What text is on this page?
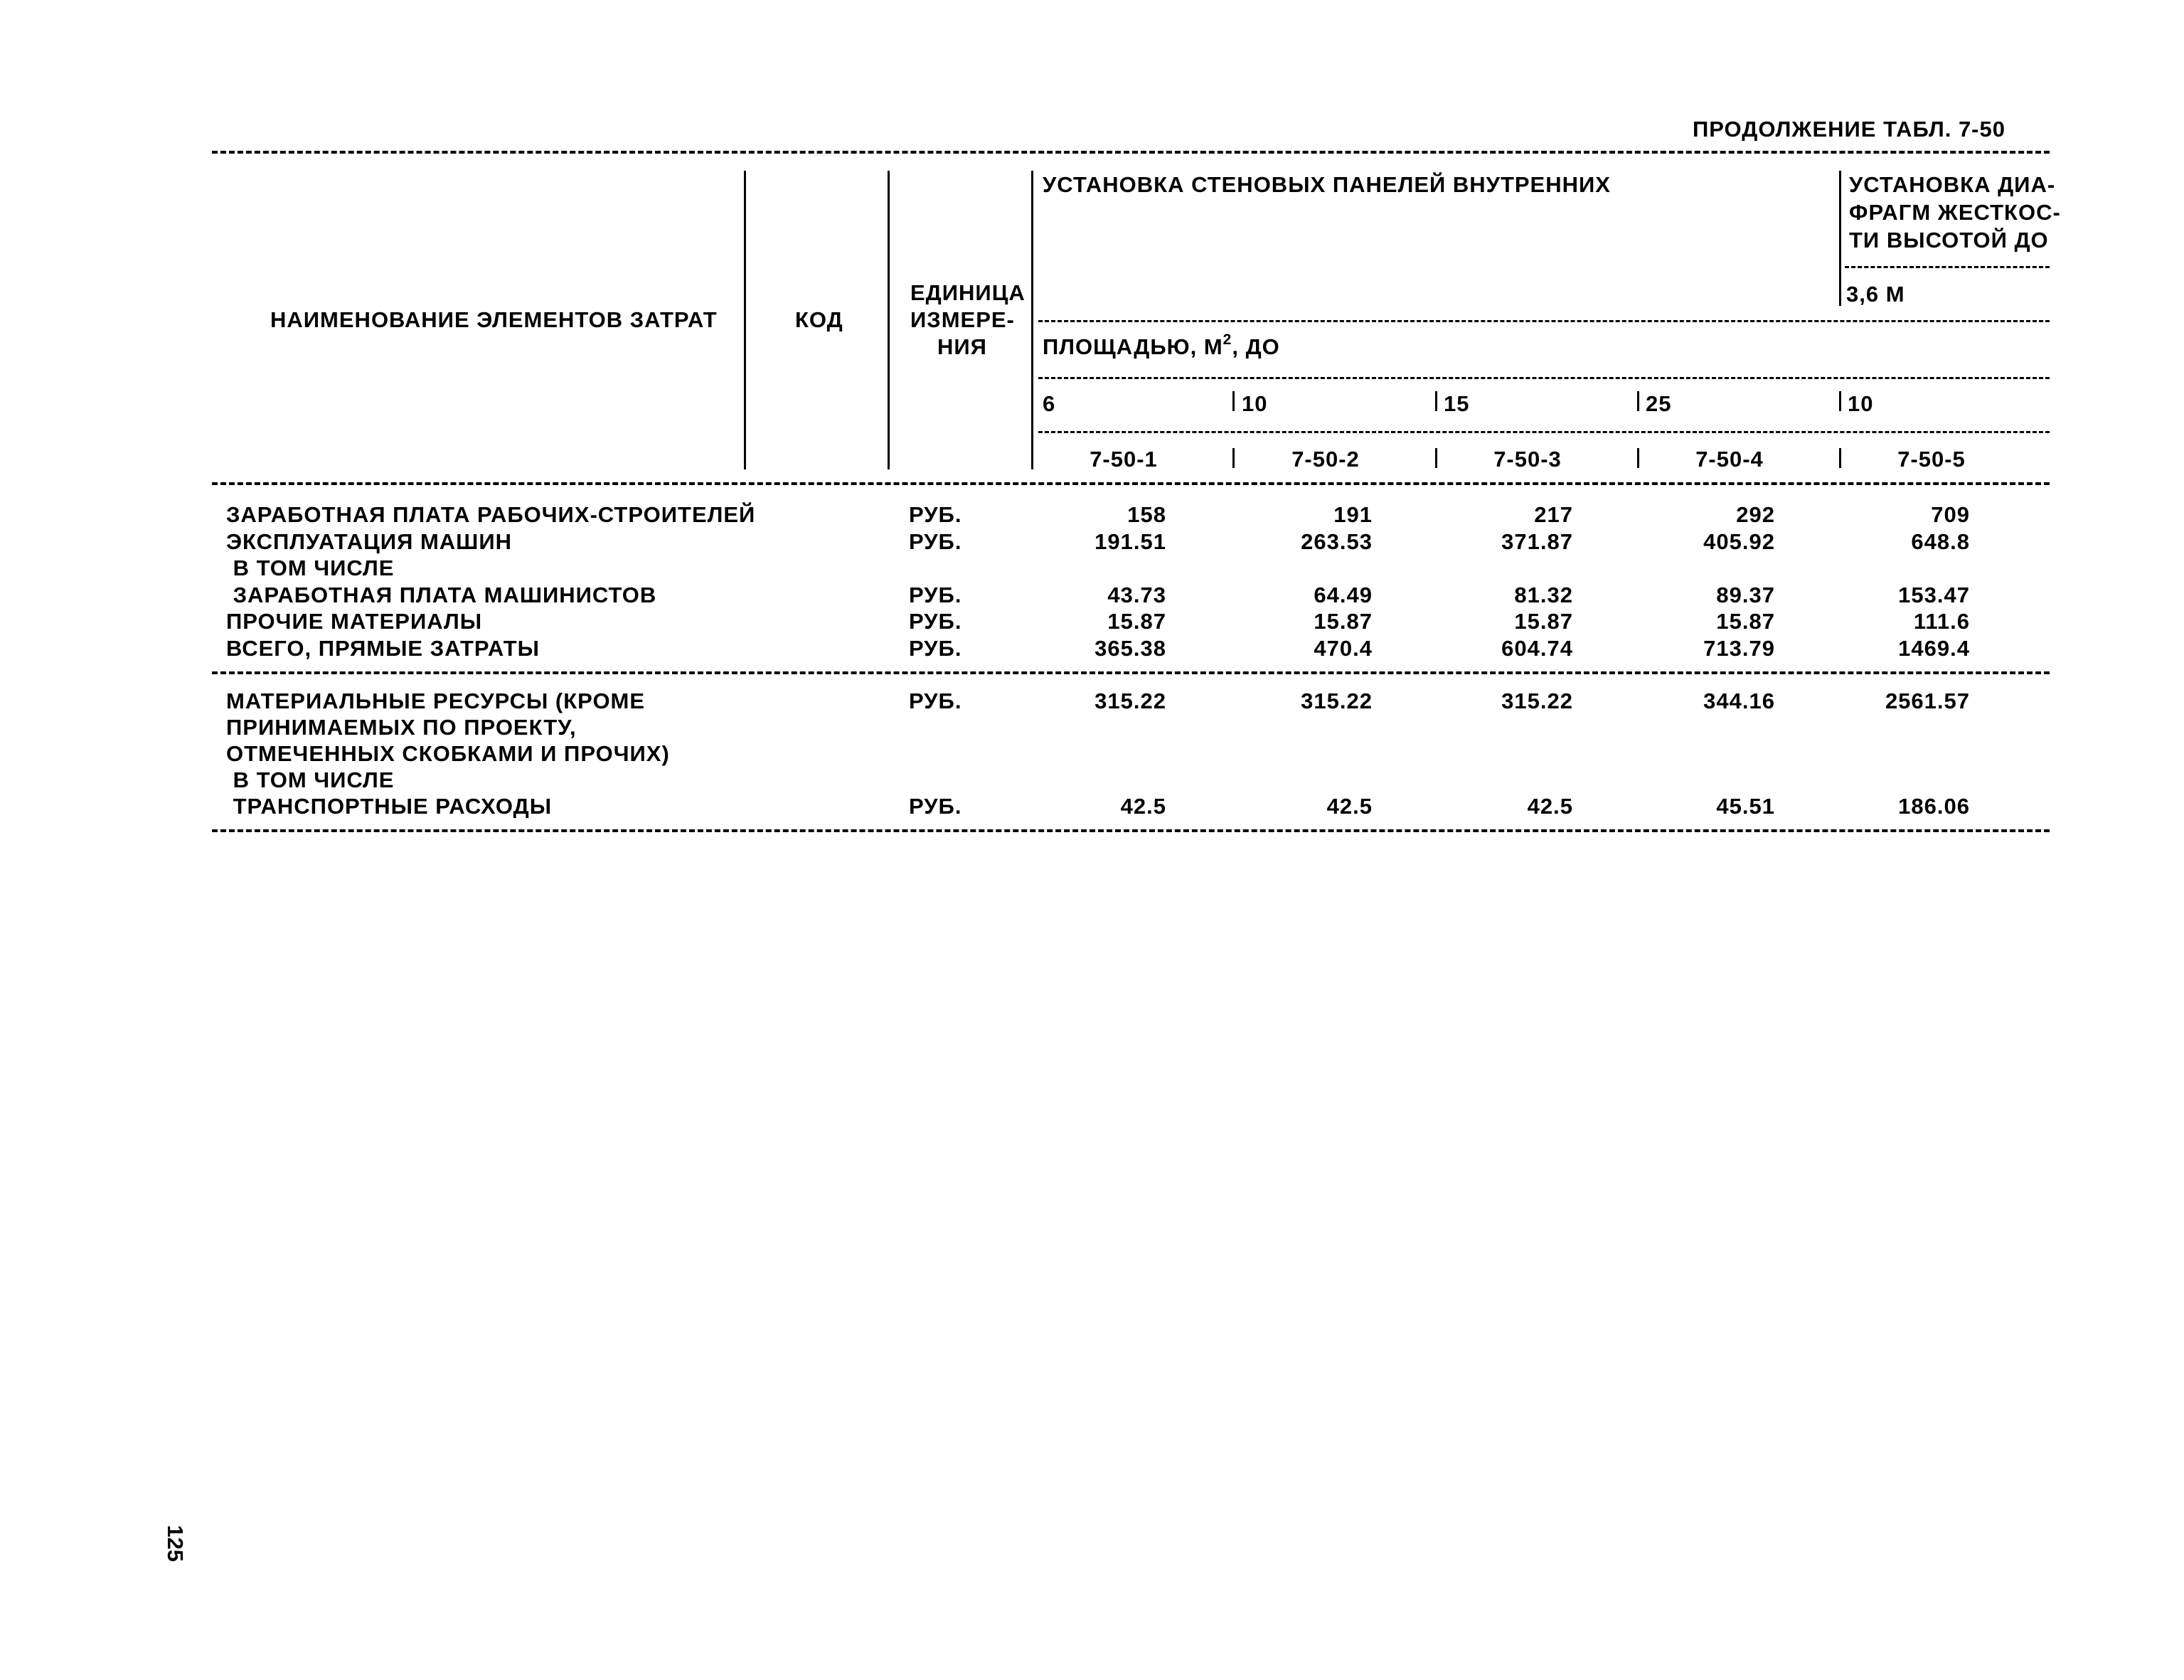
ПРОДОЛЖЕНИЕ ТАБЛ. 7-50
НАИМЕНОВАНИЕ ЭЛЕМЕНТОВ ЗАТРАТ	КОД
ЕДИНИЦА
ИЗМЕРЕ-
НИЯ
УСТАНОВКА СТЕНОВЫХ ПАНЕЛЕЙ ВНУТРЕННИХ	УСТАНОВКА ДИА-
ФРАГМ ЖЕСТКОС-
ТИ ВЫСОТОЙ ДО
3,6 М
ПЛОЩАДЬЮ, $М^2$, ДО
6	10	15	25	10
7-50-1	7-50-2	7-50-3	7-50-4	7-50-5
ЗАРАБОТНАЯ ПЛАТА РАБОЧИХ-СТРОИТЕЛЕЙ	РУБ.	158	191	217	292	709
ЭКСПЛУАТАЦИЯ МАШИН	РУБ.	191.51	263.53	371.87	405.92	648.8
В ТОМ ЧИСЛЕ
ЗАРАБОТНАЯ ПЛАТА МАШИНИСТОВ	РУБ.	43.73	64.49	81.32	89.37	153.47
ПРОЧИЕ МАТЕРИАЛЫ	РУБ.	15.87	15.87	15.87	15.87	111.6
ВСЕГО, ПРЯМЫЕ ЗАТРАТЫ	РУБ.	365.38	470.4	604.74	713.79	1469.4
МАТЕРИАЛЬНЫЕ РЕСУРСЫ (КРОМЕ	РУБ.	315.22	315.22	315.22	344.16	2561.57
ПРИНИМАЕМЫХ ПО ПРОЕКТУ,
ОТМЕЧЕННЫХ СКОБКАМИ И ПРОЧИХ)
В ТОМ ЧИСЛЕ
ТРАНСПОРТНЫЕ РАСХОДЫ	РУБ.	42.5	42.5	42.5	45.51	186.06
125
